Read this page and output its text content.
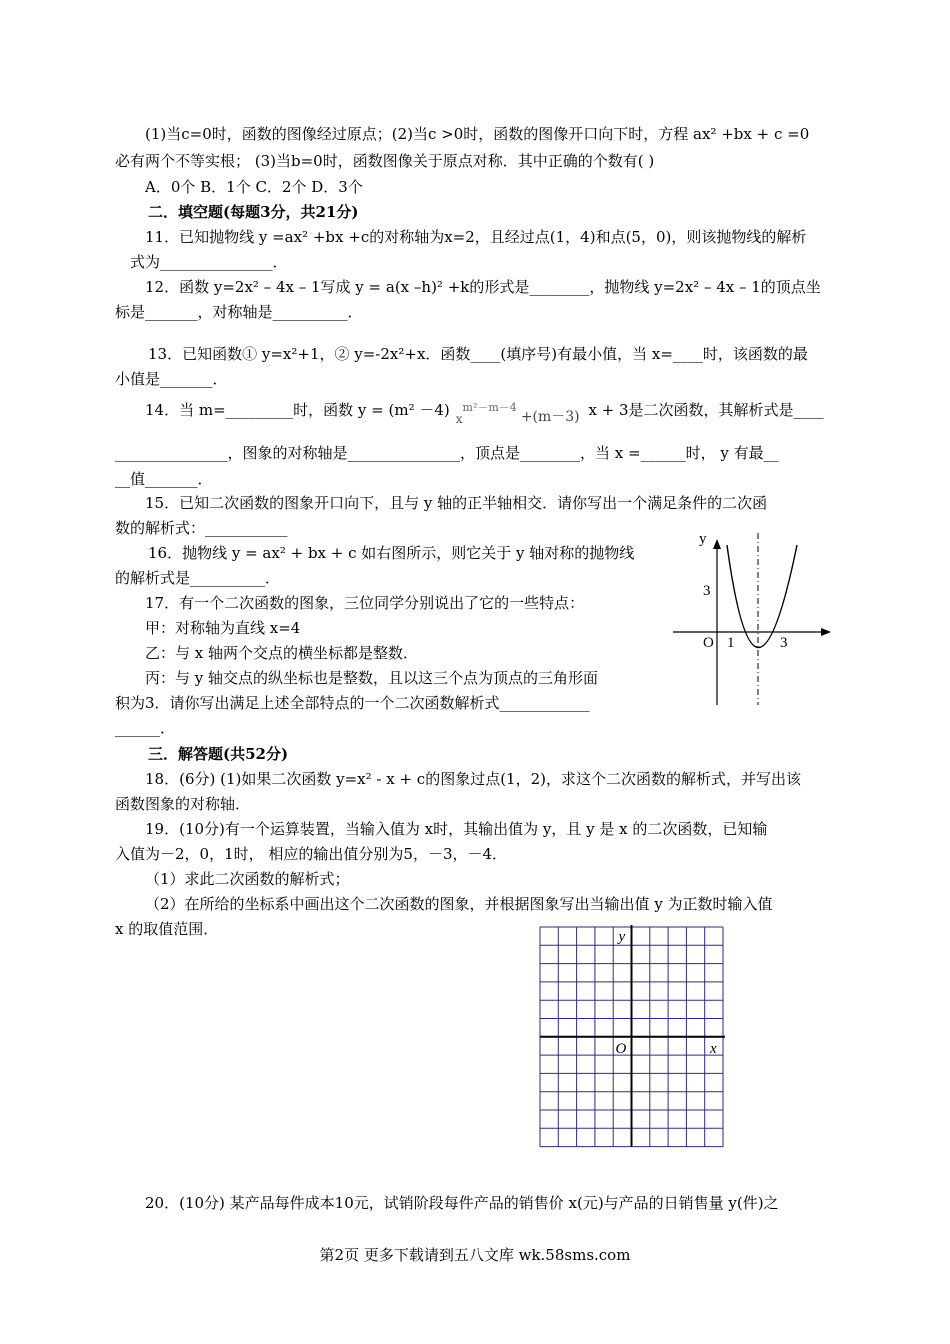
(1)当c=0时，函数的图像经过原点；(2)当c >0时，函数的图像开口向下时，方程 ax² +bx + c =0
必有两个不等实根； (3)当b=0时，函数图像关于原点对称．其中正确的个数有( )
A．0个 B．1个 C．2个 D．3个
二．填空题(每题3分，共21分)
11．已知抛物线 y =ax² +bx +c的对称轴为x=2，且经过点(1，4)和点(5，0)，则该抛物线的解析
式为_______________．
12．函数 y=2x² – 4x – 1写成 y = a(x –h)² +k的形式是________，抛物线 y=2x² – 4x – 1的顶点坐
标是_______，对称轴是__________．
13．已知函数① y=x²+1，② y=-2x²+x．函数____(填序号)有最小值，当 x=____时，该函数的最
小值是_______．
14．当 m=_________时，函数 y = (m² －4) $_x^{m^2-m-4}$+(m－3) x + 3是二次函数，其解析式是____
_______________，图象的对称轴是_______________，顶点是________，当 x =______时， y 有最__
__值_______．
15．已知二次函数的图象开口向下，且与 y 轴的正半轴相交．请你写出一个满足条件的二次函
数的解析式：___________
16．抛物线 y = ax² + bx + c 如右图所示，则它关于 y 轴对称的抛物线
的解析式是__________．
17．有一个二次函数的图象，三位同学分别说出了它的一些特点：
甲：对称轴为直线 x=4
乙：与 x 轴两个交点的横坐标都是整数．
丙：与 y 轴交点的纵坐标也是整数，且以这三个点为顶点的三角形面
积为3．请你写出满足上述全部特点的一个二次函数解析式____________
______．
y
O 1	3
3
三．解答题(共52分)
18．(6分) (1)如果二次函数 y=x² - x + c的图象过点(1，2)，求这个二次函数的解析式，并写出该
函数图象的对称轴．
19．(10分)有一个运算装置，当输入值为 x时，其输出值为 y，且 y 是 x 的二次函数，已知输
入值为－2，0，1时， 相应的输出值分别为5，－3，－4．
（1）求此二次函数的解析式；
（2）在所给的坐标系中画出这个二次函数的图象，并根据图象写出当输出值 y 为正数时输入值
x 的取值范围．	y
x
O
20．(10分) 某产品每件成本10元，试销阶段每件产品的销售价 x(元)与产品的日销售量 y(件)之
第2页 更多下载请到五八文库 wk.58sms.com
